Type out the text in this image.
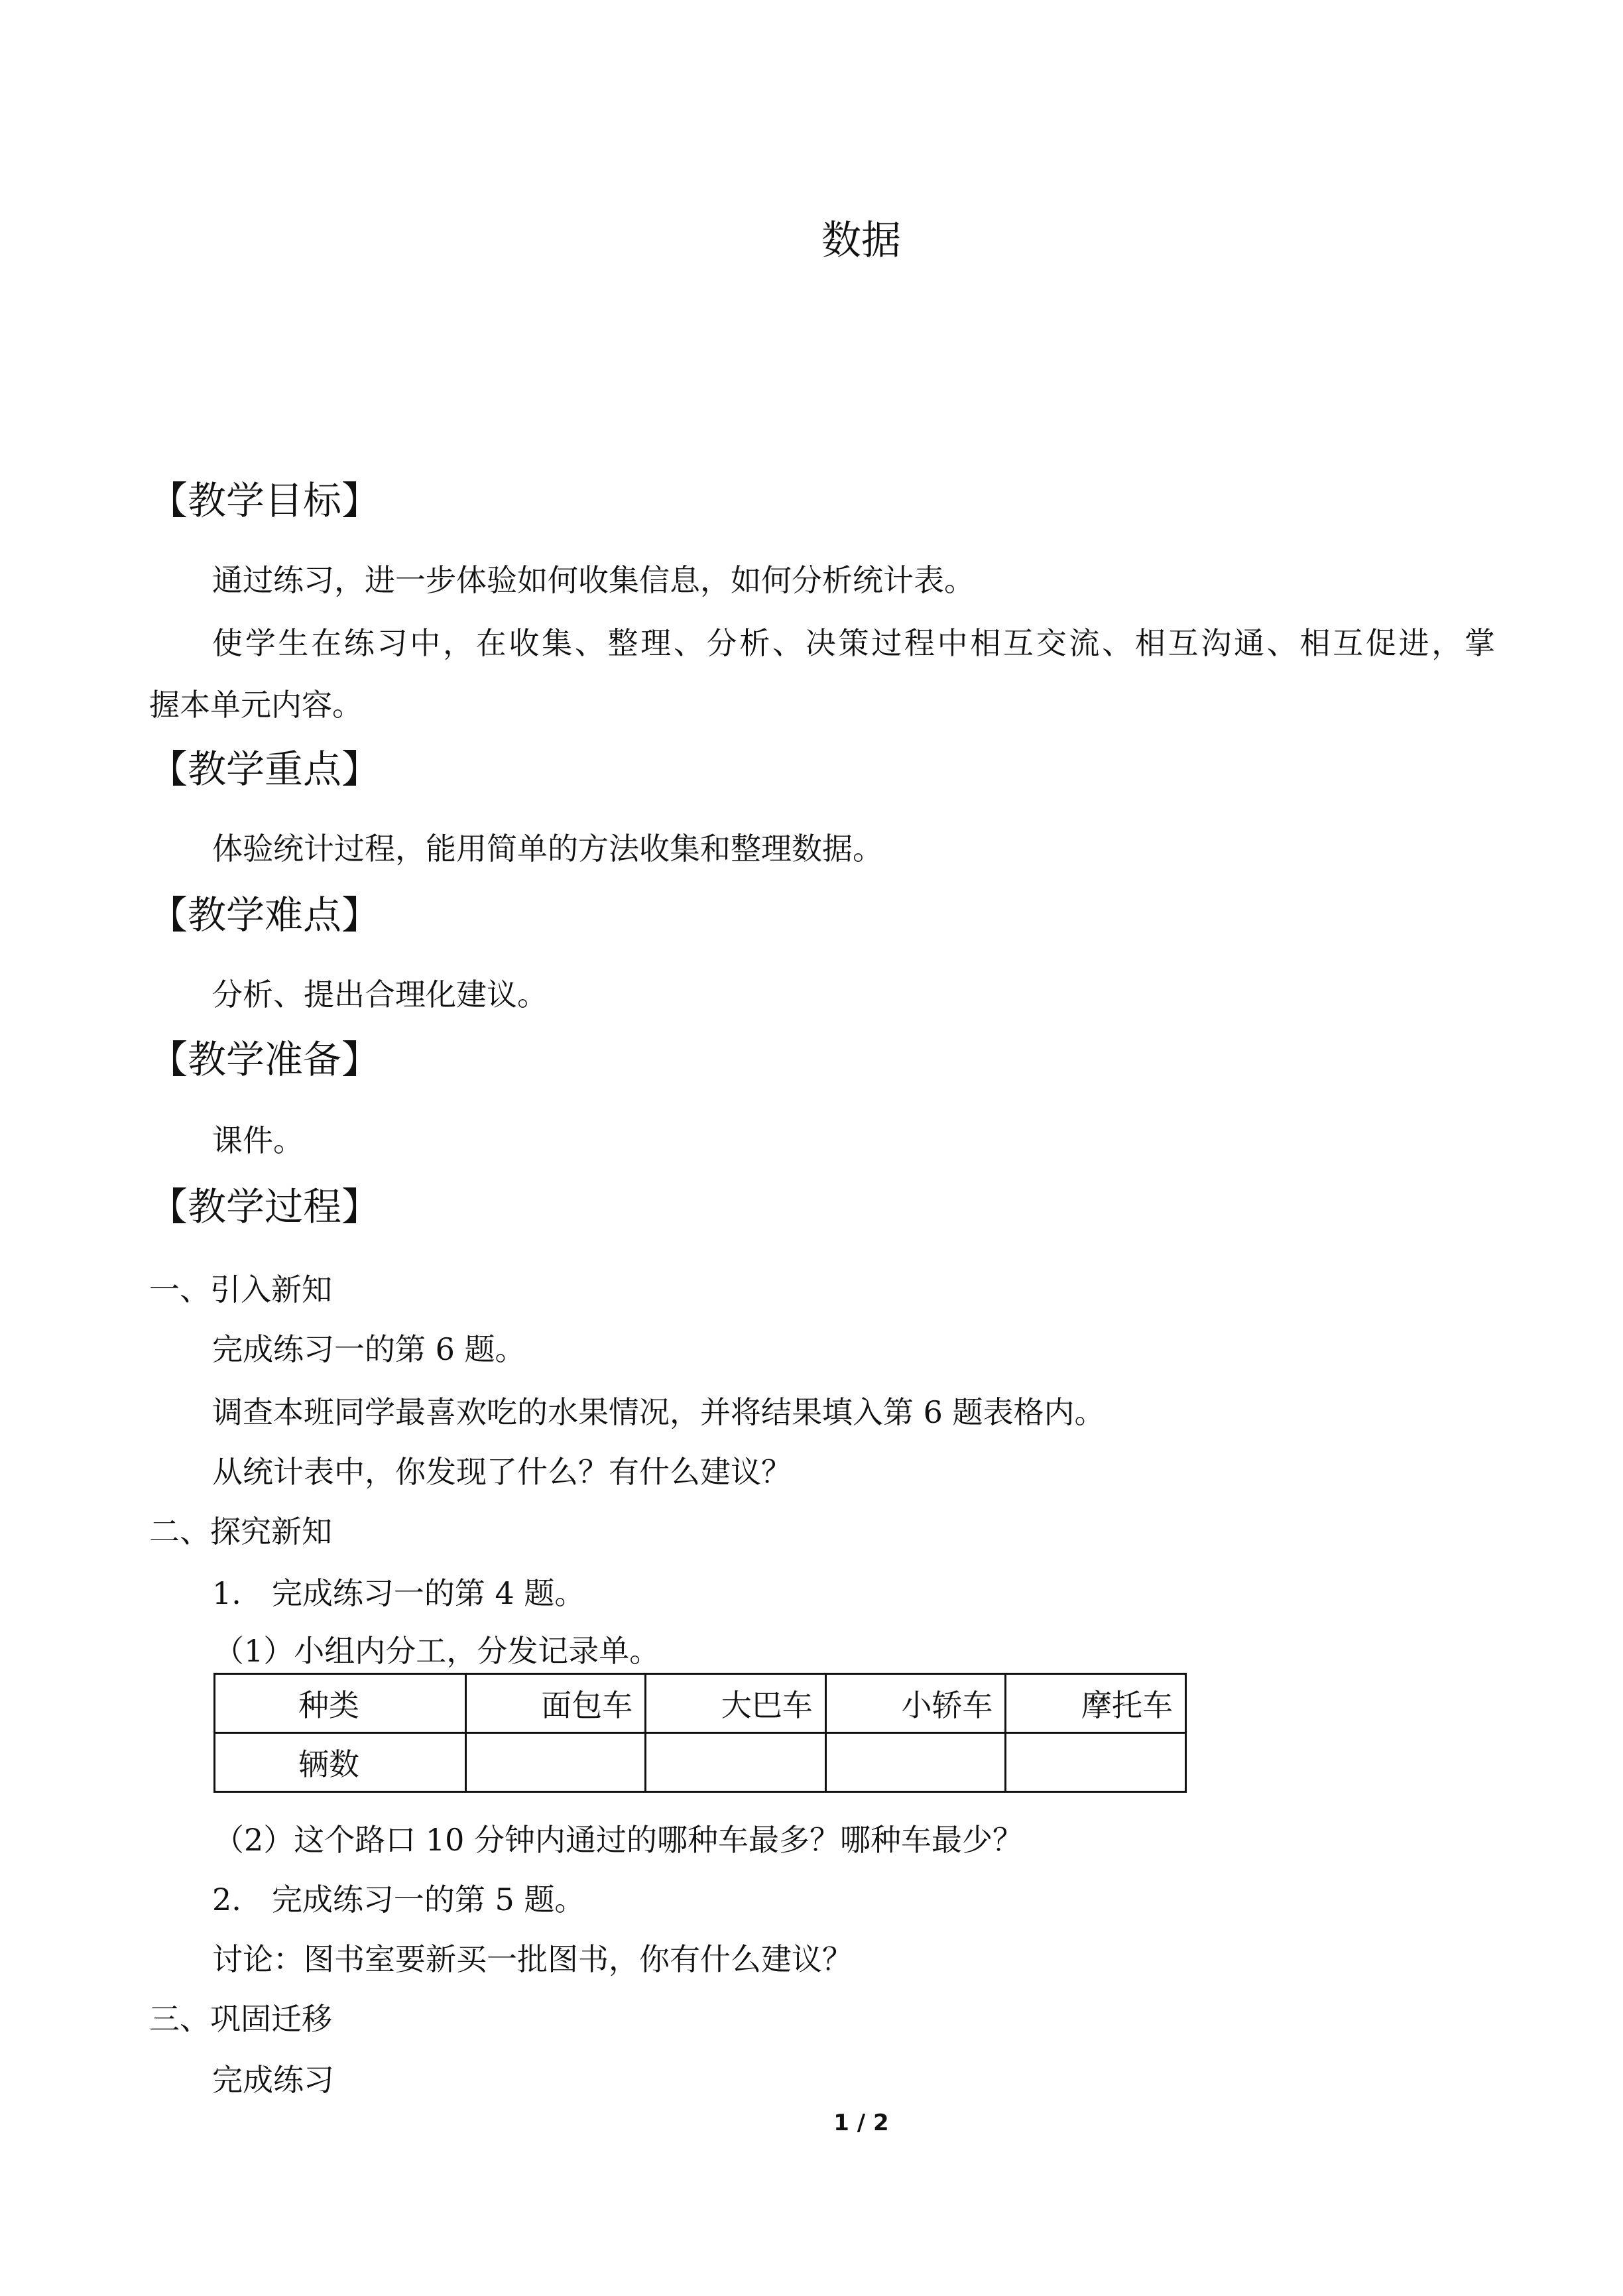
数据
【教学目标】
通过练习，进一步体验如何收集信息，如何分析统计表。
使学生在练习中，在收集、整理、分析、决策过程中相互交流、相互沟通、相互促进，掌
握本单元内容。
【教学重点】
体验统计过程，能用简单的方法收集和整理数据。
【教学难点】
分析、提出合理化建议。
【教学准备】
课件。
【教学过程】
一、引入新知
完成练习一的第 6 题。
调查本班同学最喜欢吃的水果情况，并将结果填入第 6 题表格内。
从统计表中，你发现了什么？有什么建议？
二、探究新知
1.　完成练习一的第 4 题。
（1）小组内分工，分发记录单。
种类	面包车	大巴车	小轿车	摩托车
辆数				
（2）这个路口 10 分钟内通过的哪种车最多？哪种车最少？
2.　完成练习一的第 5 题。
讨论：图书室要新买一批图书，你有什么建议？
三、巩固迁移
完成练习
1 / 2
